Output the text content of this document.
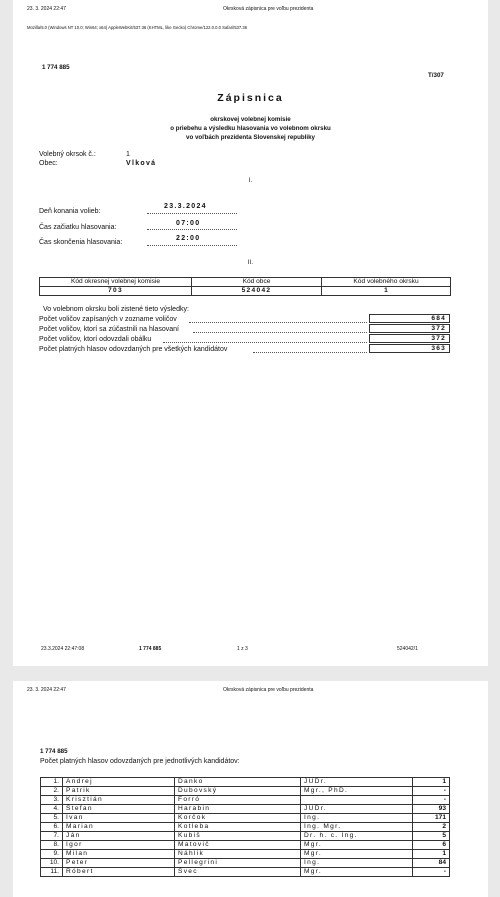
23. 3. 2024 22:47	Okrsková zápisnica pre voľbu prezidenta
Mozilla/5.0 (Windows NT 10.0; Win64; x64) AppleWebKit/537.36 (KHTML, like Gecko) Chrome/122.0.0.0 Safari/537.36
1 774 885
T/307
Zápisnica
okrskovej volebnej komisie
o priebehu a výsledku hlasovania vo volebnom okrsku
vo voľbách prezidenta Slovenskej republiky
Volebný okrsok č.:	1
Obec:	Vlková
I.
Deň konania volieb:
23.3.2024
Čas začiatku hlasovania:
07:00
Čas skončenia hlasovania:
22:00
II.
Kód okresnej volebnej komisie	Kód obce	Kód volebného okrsku
703	524042	1
Vo volebnom okrsku boli zistené tieto výsledky:
Počet voličov zapísaných v zozname voličov	684
Počet voličov, ktorí sa zúčastnili na hlasovaní	372
Počet voličov, ktorí odovzdali obálku	372
Počet platných hlasov odovzdaných pre všetkých kandidátov	363
23.3.2024 22:47:08	1 774 885	1 z 3	524042/1
23. 3. 2024 22:47	Okrsková zápisnica pre voľbu prezidenta
1 774 885
Počet platných hlasov odovzdaných pre jednotlivých kandidátov:
1.	Andrej	Danko	JUDr.	1
2.	Patrik	Dubovský	Mgr., PhD.	-
3.	Krisztián	Forró		-
4.	Štefan	Harabin	JUDr.	93
5.	Ivan	Korčok	Ing.	171
6.	Marian	Kotleba	Ing. Mgr.	2
7.	Ján	Kubiš	Dr. h. c. Ing.	5
8.	Igor	Matovič	Mgr.	6
9.	Milan	Náhlik	Mgr.	1
10.	Peter	Pellegrini	Ing.	84
11.	Róbert	Švec	Mgr.	-
